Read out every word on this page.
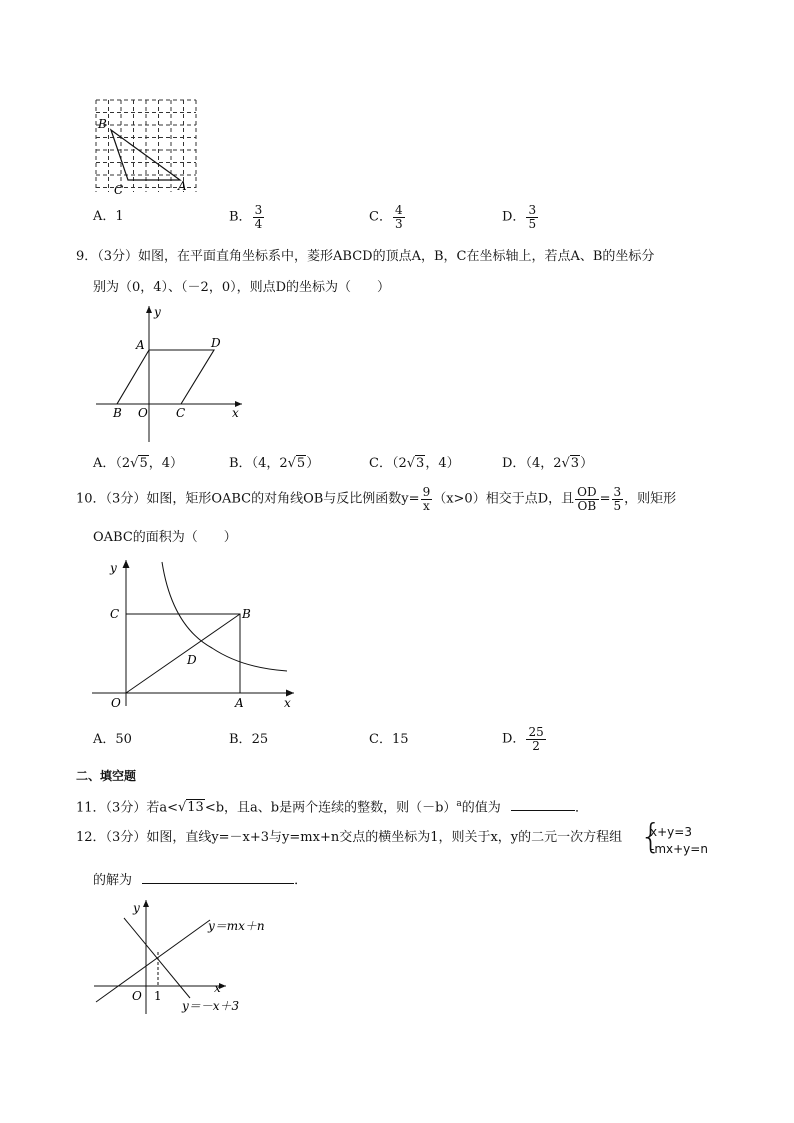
B
C	A
A．1	B． $\frac{3}{4}$	C． $\frac{4}{3}$	D． $\frac{3}{5}$
9．（3分）如图，在平面直角坐标系中，菱形ABCD的顶点A，B，C在坐标轴上，若点A、B的坐标分
别为（0，4）、（－2，0），则点D的坐标为（　　）
y
x
A	D
B O C
A．（2√5，4）	B．（4，2√5）	C．（2√3，4）	D．（4，2√3）
10．（3分）如图，矩形OABC的对角线OB与反比例函数$y= \frac{9}{x} (x>0)$相交于点D，且 $\frac{OD}{OB} = \frac{3}{5}$ ，则矩形
OABC的面积为（　　）
y
C	B
D
O	A	x
A．50	B．25	C．15	D． $\frac{25}{2}$
二、填空题
11．（3分）若a<√13<b，且a、b是两个连续的整数，则$(-b)^a$的值为	．
12．（3分）如图，直线y=－x+3与y=mx+n交点的横坐标为1，则关于x，y的二元一次方程组 {
x+y=3
-mx+y=n
的解为	．
y
y＝mx＋n
O 1
x
y＝－x＋3
